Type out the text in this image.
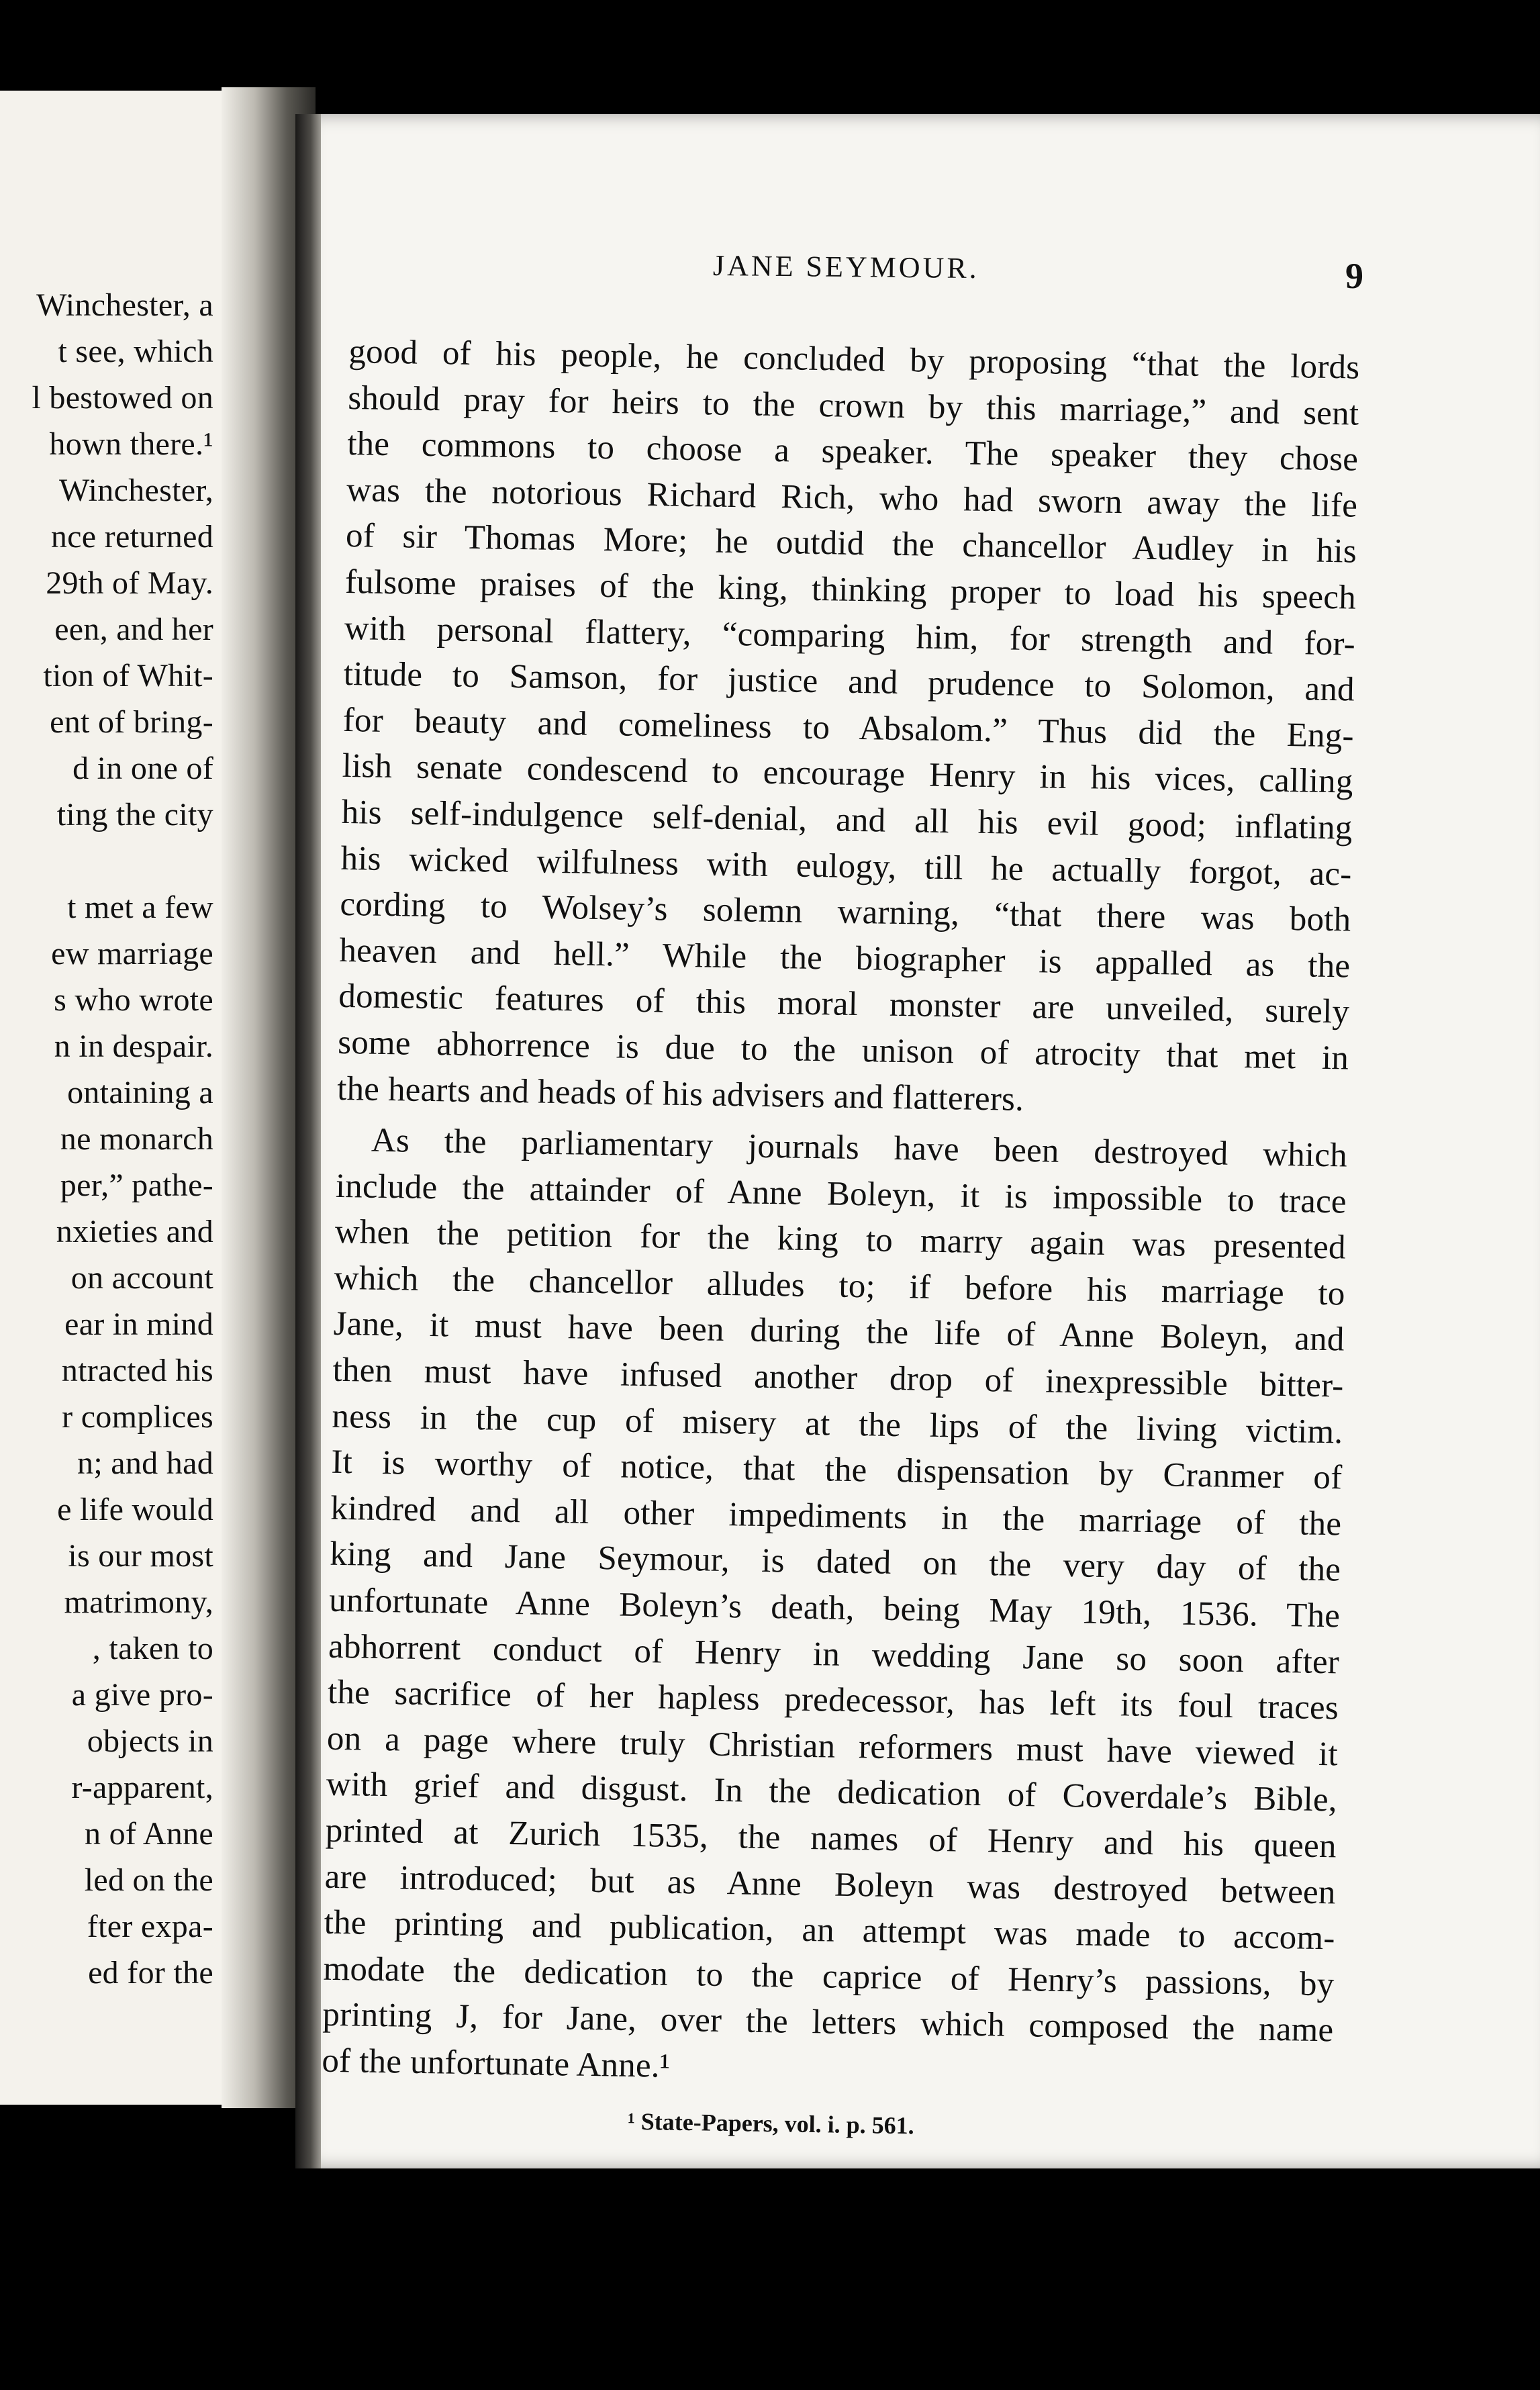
Winchester, a
t see, which
l bestowed on
hown there.¹
Winchester,
nce returned
29th of May.
een, and her
tion of Whit-
ent of bring-
d in one of
ting the city
t met a few
ew marriage
s who wrote
n in despair.
ontaining a
ne monarch
per,” pathe-
nxieties and
on account
ear in mind
ntracted his
r complices
n; and had
e life would
is our most
matrimony,
, taken to
a give pro-
objects in
r-apparent,
n of Anne
led on the
fter expa-
ed for the
JANE SEYMOUR.	9
good of his people, he concluded by proposing “that the lords
should pray for heirs to the crown by this marriage,” and sent
the commons to choose a speaker. The speaker they chose
was the notorious Richard Rich, who had sworn away the life
of sir Thomas More; he outdid the chancellor Audley in his
fulsome praises of the king, thinking proper to load his speech
with personal flattery, “comparing him, for strength and for-
titude to Samson, for justice and prudence to Solomon, and
for beauty and comeliness to Absalom.” Thus did the Eng-
lish senate condescend to encourage Henry in his vices, calling
his self-indulgence self-denial, and all his evil good; inflating
his wicked wilfulness with eulogy, till he actually forgot, ac-
cording to Wolsey’s solemn warning, “that there was both
heaven and hell.” While the biographer is appalled as the
domestic features of this moral monster are unveiled, surely
some abhorrence is due to the unison of atrocity that met in
the hearts and heads of his advisers and flatterers.
As the parliamentary journals have been destroyed which
include the attainder of Anne Boleyn, it is impossible to trace
when the petition for the king to marry again was presented
which the chancellor alludes to; if before his marriage to
Jane, it must have been during the life of Anne Boleyn, and
then must have infused another drop of inexpressible bitter-
ness in the cup of misery at the lips of the living victim.
It is worthy of notice, that the dispensation by Cranmer of
kindred and all other impediments in the marriage of the
king and Jane Seymour, is dated on the very day of the
unfortunate Anne Boleyn’s death, being May 19th, 1536. The
abhorrent conduct of Henry in wedding Jane so soon after
the sacrifice of her hapless predecessor, has left its foul traces
on a page where truly Christian reformers must have viewed it
with grief and disgust. In the dedication of Coverdale’s Bible,
printed at Zurich 1535, the names of Henry and his queen
are introduced; but as Anne Boleyn was destroyed between
the printing and publication, an attempt was made to accom-
modate the dedication to the caprice of Henry’s passions, by
printing J, for Jane, over the letters which composed the name
of the unfortunate Anne.¹
¹ State-Papers, vol. i. p. 561.
